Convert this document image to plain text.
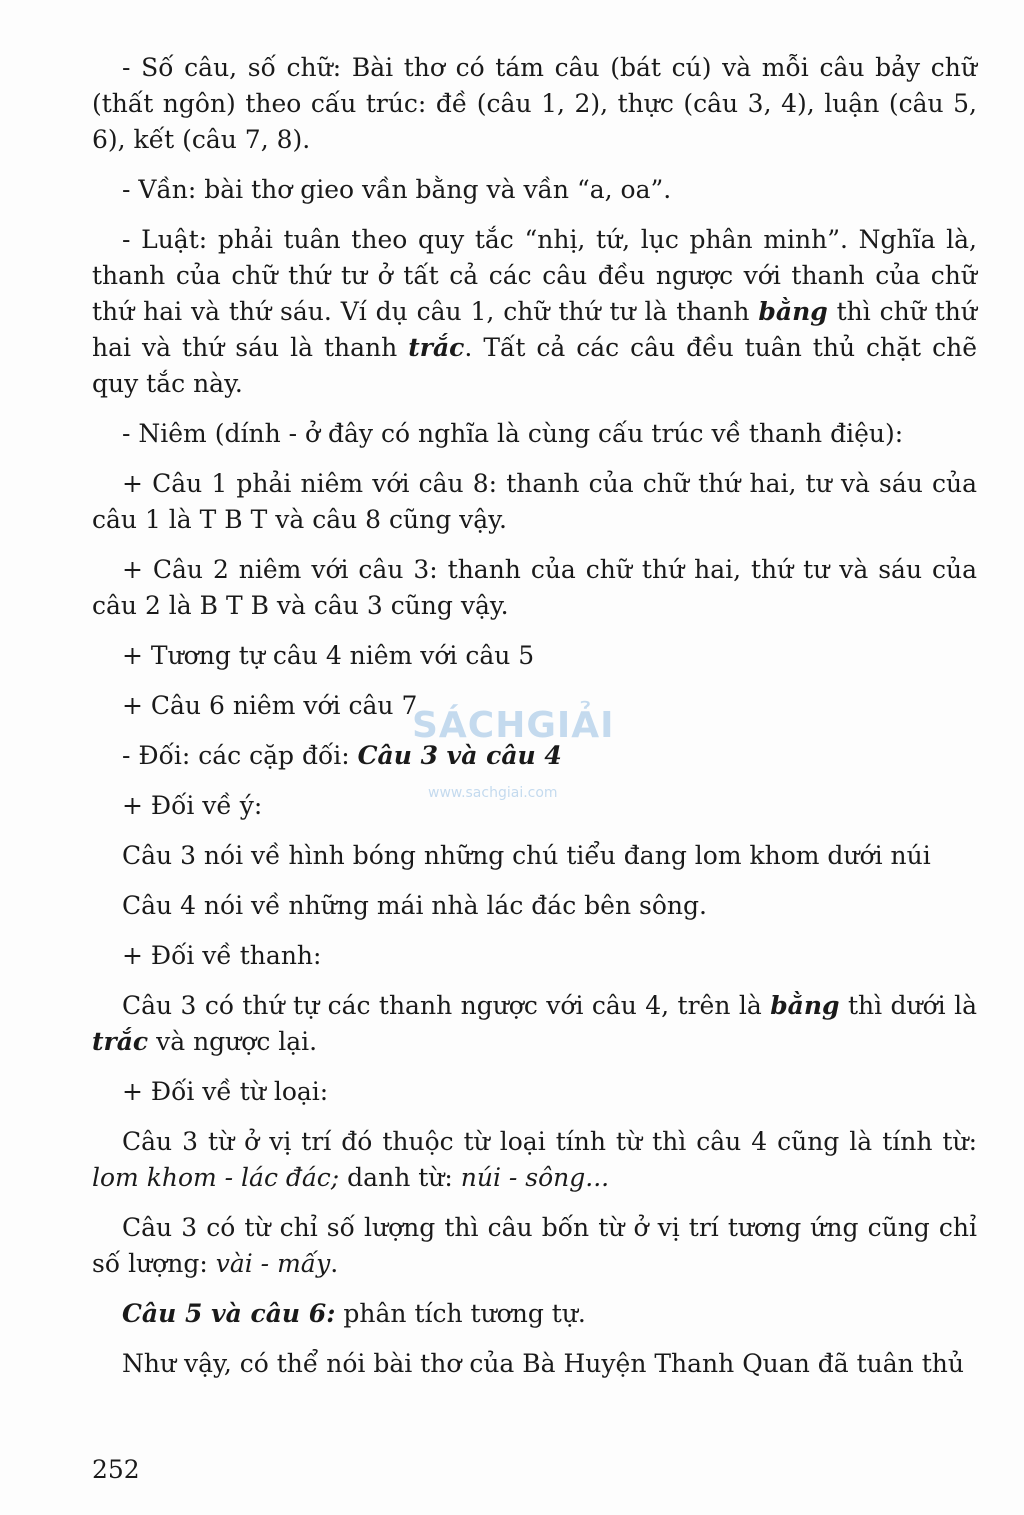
- Số câu, số chữ: Bài thơ có tám câu (bát cú) và mỗi câu bảy chữ (thất ngôn) theo cấu trúc: đề (câu 1, 2), thực (câu 3, 4), luận (câu 5, 6), kết (câu 7, 8).

- Vần: bài thơ gieo vần bằng và vần “a, oa”.

- Luật: phải tuân theo quy tắc “nhị, tứ, lục phân minh”. Nghĩa là, thanh của chữ thứ tư ở tất cả các câu đều ngược với thanh của chữ thứ hai và thứ sáu. Ví dụ câu 1, chữ thứ tư là thanh bằng thì chữ thứ hai và thứ sáu là thanh trắc. Tất cả các câu đều tuân thủ chặt chẽ quy tắc này.

- Niêm (dính - ở đây có nghĩa là cùng cấu trúc về thanh điệu):

+ Câu 1 phải niêm với câu 8: thanh của chữ thứ hai, tư và sáu của câu 1 là T B T và câu 8 cũng vậy.

+ Câu 2 niêm với câu 3: thanh của chữ thứ hai, thứ tư và sáu của câu 2 là B T B và câu 3 cũng vậy.

+ Tương tự câu 4 niêm với câu 5

+ Câu 6 niêm với câu 7

- Đối: các cặp đối: Câu 3 và câu 4

+ Đối về ý:

Câu 3 nói về hình bóng những chú tiểu đang lom khom dưới núi

Câu 4 nói về những mái nhà lác đác bên sông.

+ Đối về thanh:

Câu 3 có thứ tự các thanh ngược với câu 4, trên là bằng thì dưới là trắc và ngược lại.

+ Đối về từ loại:

Câu 3 từ ở vị trí đó thuộc từ loại tính từ thì câu 4 cũng là tính từ: lom khom - lác đác; danh từ: núi - sông...

Câu 3 có từ chỉ số lượng thì câu bốn từ ở vị trí tương ứng cũng chỉ số lượng: vài - mấy.

Câu 5 và câu 6: phân tích tương tự.

Như vậy, có thể nói bài thơ của Bà Huyện Thanh Quan đã tuân thủ

252
SÁCHGIẢI
www.sachgiai.com
